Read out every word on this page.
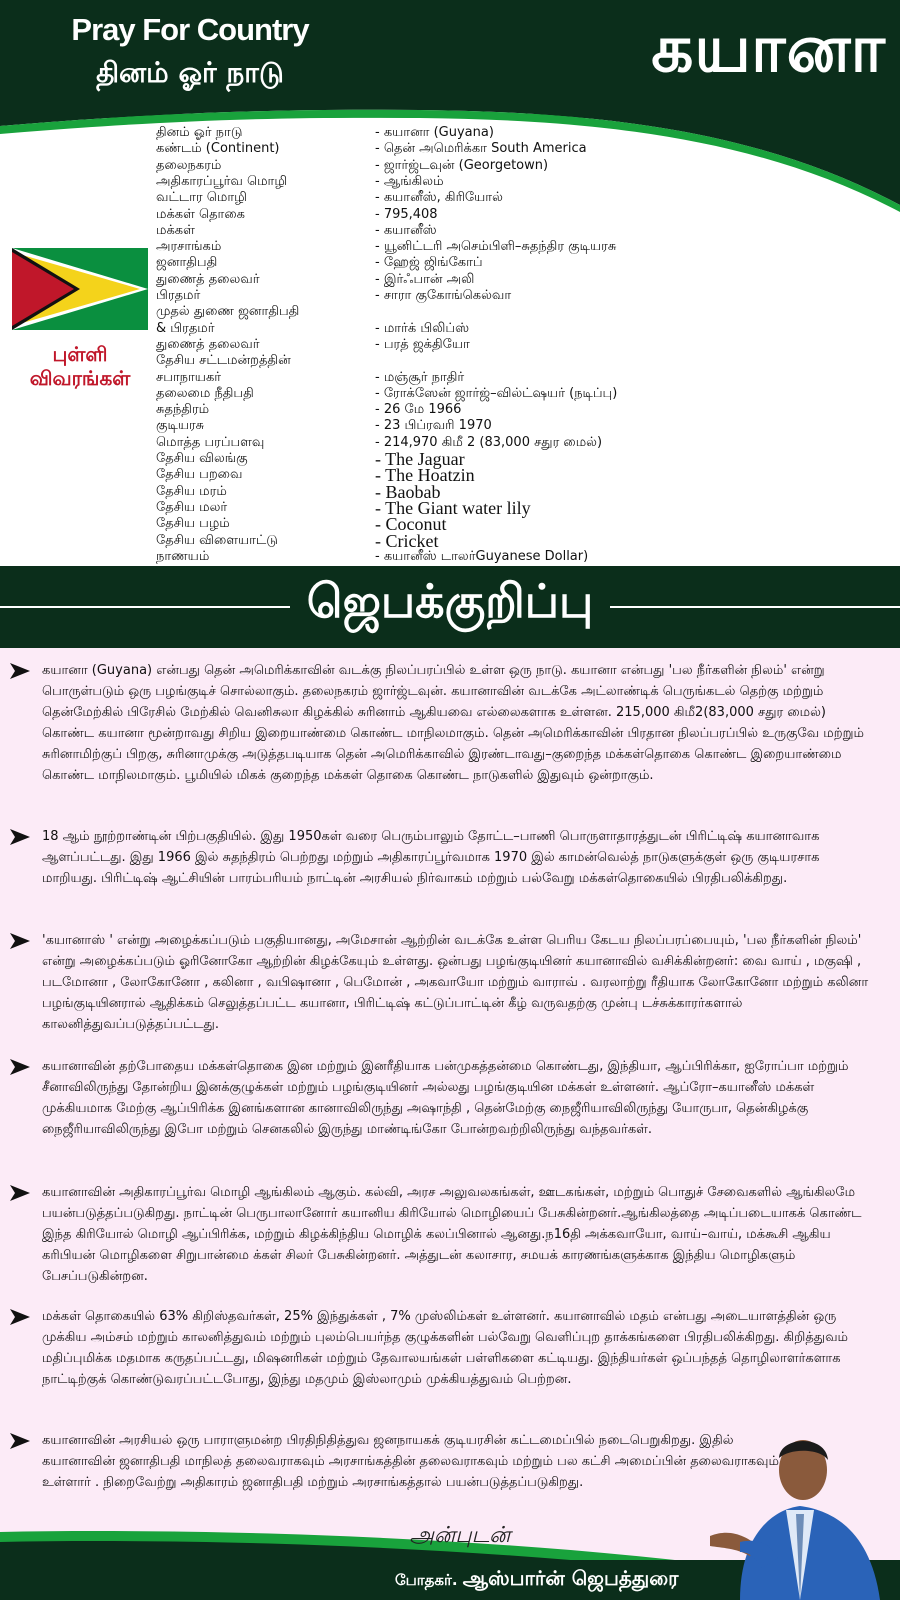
Pray For Country
தினம் ஓர் நாடு	கயானா
புள்ளி விவரங்கள்
தினம் ஓர் நாடு	- கயானா (Guyana)
கண்டம் (Continent)	- தென் அமெரிக்கா South America
தலைநகரம்	- ஜார்ஜ்டவுன் (Georgetown)
அதிகாரப்பூர்வ மொழி	- ஆங்கிலம்
வட்டார மொழி	- கயானீஸ், கிரியோல்
மக்கள் தொகை	- 795,408
மக்கள்	- கயானீஸ்
அரசாங்கம்	- யூனிட்டரி அசெம்பிளி–சுதந்திர குடியரசு
ஜனாதிபதி	- ஹேஜ் ஜிங்கோப்
துணைத் தலைவர்	- இர்ஃபான் அலி
பிரதமர்	- சாரா குகோங்கெல்வா
முதல் துணை ஜனாதிபதி
& பிரதமர்	- மார்க் பிலிப்ஸ்
துணைத் தலைவர்	- பரத் ஜக்தியோ
தேசிய சட்டமன்றத்தின்
சபாநாயகர்	- மஞ்சூர் நாதிர்
தலைமை நீதிபதி	- ரோக்ஸேன் ஜார்ஜ்–வில்ட்ஷயர் (நடிப்பு)
சுதந்திரம்	- 26 மே 1966
குடியரசு	- 23 பிப்ரவரி 1970
மொத்த பரப்பளவு	- 214,970 கிமீ 2 (83,000 சதுர மைல்)
தேசிய விலங்கு	- The Jaguar
தேசிய பறவை	- The Hoatzin
தேசிய மரம்	- Baobab
தேசிய மலர்	- The Giant water lily
தேசிய பழம்	- Coconut
தேசிய விளையாட்டு	- Cricket
நாணயம்	- கயானீஸ் டாலர்Guyanese Dollar)
ஜெபக்குறிப்பு
கயானா (Guyana) என்பது தென் அமெரிக்காவின் வடக்கு நிலப்பரப்பில் உள்ள ஒரு நாடு. கயானா என்பது 'பல நீர்களின் நிலம்' என்று பொருள்படும் ஒரு பழங்குடிச் சொல்லாகும். தலைநகரம் ஜார்ஜ்டவுன். கயானாவின் வடக்கே அட்லாண்டிக் பெருங்கடல் தெற்கு மற்றும் தென்மேற்கில் பிரேசில் மேற்கில் வெனிசுலா கிழக்கில் சுரினாம் ஆகியவை எல்லைகளாக உள்ளன. 215,000 கிமீ2(83,000 சதுர மைல்) கொண்ட கயானா மூன்றாவது சிறிய இறையாண்மை கொண்ட மாநிலமாகும். தென் அமெரிக்காவின் பிரதான நிலப்பரப்பில் உருகுவே மற்றும் சுரினாமிற்குப் பிறகு, சுரினாமுக்கு அடுத்தபடியாக தென் அமெரிக்காவில் இரண்டாவது–குறைந்த மக்கள்தொகை கொண்ட இறையாண்மை கொண்ட மாநிலமாகும். பூமியில் மிகக் குறைந்த மக்கள் தொகை கொண்ட நாடுகளில் இதுவும் ஒன்றாகும்.
18 ஆம் நூற்றாண்டின் பிற்பகுதியில். இது 1950கள் வரை பெரும்பாலும் தோட்ட–பாணி பொருளாதாரத்துடன் பிரிட்டிஷ் கயானாவாக ஆளப்பட்டது. இது 1966 இல் சுதந்திரம் பெற்றது மற்றும் அதிகாரப்பூர்வமாக 1970 இல் காமன்வெல்த் நாடுகளுக்குள் ஒரு குடியரசாக மாறியது. பிரிட்டிஷ் ஆட்சியின் பாரம்பரியம் நாட்டின் அரசியல் நிர்வாகம் மற்றும் பல்வேறு மக்கள்தொகையில் பிரதிபலிக்கிறது.
'கயானாஸ் ' என்று அழைக்கப்படும் பகுதியானது, அமேசான் ஆற்றின் வடக்கே உள்ள பெரிய கேடய நிலப்பரப்பையும், 'பல நீர்களின் நிலம்' என்று அழைக்கப்படும் ஓரினோகோ ஆற்றின் கிழக்கேயும் உள்ளது. ஒன்பது பழங்குடியினர் கயானாவில் வசிக்கின்றனர்: வை வாய் , மகுஷி , படமோனா , லோகோனோ , கலினா , வபிஷானா , பெமோன் , அகவாயோ மற்றும் வாராவ் . வரலாற்று ரீதியாக லோகோனோ மற்றும் கலினா பழங்குடியினரால் ஆதிக்கம் செலுத்தப்பட்ட கயானா, பிரிட்டிஷ் கட்டுப்பாட்டின் கீழ் வருவதற்கு முன்பு டச்சுக்காரர்களால் காலனித்துவப்படுத்தப்பட்டது.
கயானாவின் தற்போதைய மக்கள்தொகை இன மற்றும் இனரீதியாக பன்முகத்தன்மை கொண்டது, இந்தியா, ஆப்பிரிக்கா, ஐரோப்பா மற்றும் சீனாவிலிருந்து தோன்றிய இனக்குழுக்கள் மற்றும் பழங்குடியினர் அல்லது பழங்குடியின மக்கள் உள்ளனர். ஆப்ரோ–கயானீஸ் மக்கள் முக்கியமாக மேற்கு ஆப்பிரிக்க இனங்களான கானாவிலிருந்து அஷாந்தி , தென்மேற்கு நைஜீரியாவிலிருந்து யோருபா, தென்கிழக்கு நைஜீரியாவிலிருந்து இபோ மற்றும் செனகலில் இருந்து மாண்டிங்கோ போன்றவற்றிலிருந்து வந்தவர்கள்.
கயானாவின் அதிகாரப்பூர்வ மொழி ஆங்கிலம் ஆகும். கல்வி, அரச அலுவலகங்கள், ஊடகங்கள், மற்றும் பொதுச் சேவைகளில் ஆங்கிலமே பயன்படுத்தப்படுகிறது. நாட்டின் பெருபாலானோர் கயானிய கிரியோல் மொழியைப் பேசுகின்றனர்.ஆங்கிலத்தை அடிப்படையாகக் கொண்ட இந்த கிரியோல் மொழி ஆப்பிரிக்க, மற்றும் கிழக்கிந்திய மொழிக் கலப்பினால் ஆனது.ந16தி அக்கவாயோ, வாய்–வாய், மக்கூசி ஆகிய கரிபியன் மொழிகளை சிறுபான்மை க்கள் சிலர் பேசுகின்றனர். அத்துடன் கலாசார, சமயக் காரணங்களுக்காக இந்திய மொழிகளும் பேசப்படுகின்றன.
மக்கள் தொகையில் 63% கிறிஸ்தவர்கள், 25% இந்துக்கள் , 7% முஸ்லிம்கள் உள்ளனர். கயானாவில் மதம் என்பது அடையாளத்தின் ஒரு முக்கிய அம்சம் மற்றும் காலனித்துவம் மற்றும் புலம்பெயர்ந்த குழுக்களின் பல்வேறு வெளிப்புற தாக்கங்களை பிரதிபலிக்கிறது. கிறித்துவம் மதிப்புமிக்க மதமாக கருதப்பட்டது, மிஷனரிகள் மற்றும் தேவாலயங்கள் பள்ளிகளை கட்டியது. இந்தியர்கள் ஒப்பந்தத் தொழிலாளர்களாக நாட்டிற்குக் கொண்டுவரப்பட்டபோது, இந்து மதமும் இஸ்லாமும் முக்கியத்துவம் பெற்றன.
கயானாவின் அரசியல் ஒரு பாராளுமன்ற பிரதிநிதித்துவ ஜனநாயகக் குடியரசின் கட்டமைப்பில் நடைபெறுகிறது. இதில் கயானாவின் ஜனாதிபதி மாநிலத் தலைவராகவும் அரசாங்கத்தின் தலைவராகவும் மற்றும் பல கட்சி அமைப்பின் தலைவராகவும் உள்ளார் . நிறைவேற்று அதிகாரம் ஜனாதிபதி மற்றும் அரசாங்கத்தால் பயன்படுத்தப்படுகிறது.
அன்புடன்
போதகர். ஆஸ்பார்ன் ஜெபத்துரை
